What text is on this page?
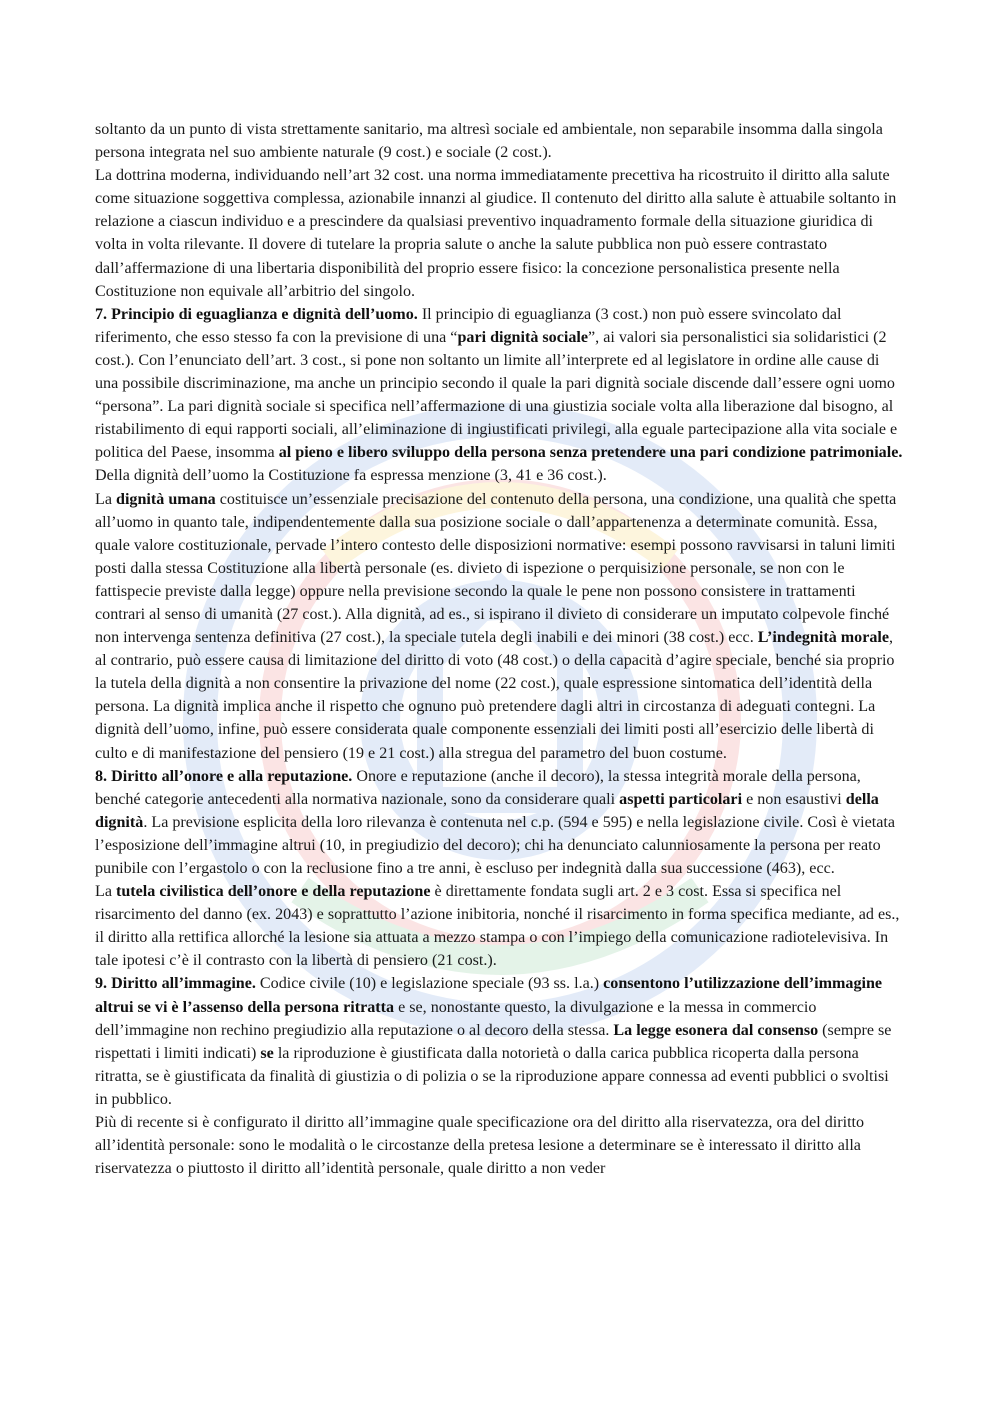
soltanto da un punto di vista strettamente sanitario, ma altresì sociale ed ambientale, non separabile insomma dalla singola persona integrata nel suo ambiente naturale (9 cost.) e sociale (2 cost.).

La dottrina moderna, individuando nell’art 32 cost. una norma immediatamente precettiva ha ricostruito il diritto alla salute come situazione soggettiva complessa, azionabile innanzi al giudice. Il contenuto del diritto alla salute è attuabile soltanto in relazione a ciascun individuo e a prescindere da qualsiasi preventivo inquadramento formale della situazione giuridica di volta in volta rilevante. Il dovere di tutelare la propria salute o anche la salute pubblica non può essere contrastato dall’affermazione di una libertaria disponibilità del proprio essere fisico: la concezione personalistica presente nella Costituzione non equivale all’arbitrio del singolo.

7. Principio di eguaglianza e dignità dell’uomo. Il principio di eguaglianza (3 cost.) non può essere svincolato dal riferimento, che esso stesso fa con la previsione di una “pari dignità sociale”, ai valori sia personalistici sia solidaristici (2 cost.). Con l’enunciato dell’art. 3 cost., si pone non soltanto un limite all’interprete ed al legislatore in ordine alle cause di una possibile discriminazione, ma anche un principio secondo il quale la pari dignità sociale discende dall’essere ogni uomo “persona”. La pari dignità sociale si specifica nell’affermazione di una giustizia sociale volta alla liberazione dal bisogno, al ristabilimento di equi rapporti sociali, all’eliminazione di ingiustificati privilegi, alla eguale partecipazione alla vita sociale e politica del Paese, insomma al pieno e libero sviluppo della persona senza pretendere una pari condizione patrimoniale. Della dignità dell’uomo la Costituzione fa espressa menzione (3, 41 e 36 cost.).

La dignità umana costituisce un’essenziale precisazione del contenuto della persona, una condizione, una qualità che spetta all’uomo in quanto tale, indipendentemente dalla sua posizione sociale o dall’appartenenza a determinate comunità. Essa, quale valore costituzionale, pervade l’intero contesto delle disposizioni normative: esempi possono ravvisarsi in taluni limiti posti dalla stessa Costituzione alla libertà personale (es. divieto di ispezione o perquisizione personale, se non con le fattispecie previste dalla legge) oppure nella previsione secondo la quale le pene non possono consistere in trattamenti contrari al senso di umanità (27 cost.). Alla dignità, ad es., si ispirano il divieto di considerare un imputato colpevole finché non intervenga sentenza definitiva (27 cost.), la speciale tutela degli inabili e dei minori (38 cost.) ecc. L’indegnità morale, al contrario, può essere causa di limitazione del diritto di voto (48 cost.) o della capacità d’agire speciale, benché sia proprio la tutela della dignità a non consentire la privazione del nome (22 cost.), quale espressione sintomatica dell’identità della persona. La dignità implica anche il rispetto che ognuno può pretendere dagli altri in circostanza di adeguati contegni. La dignità dell’uomo, infine, può essere considerata quale componente essenziali dei limiti posti all’esercizio delle libertà di culto e di manifestazione del pensiero (19 e 21 cost.) alla stregua del parametro del buon costume.

8. Diritto all’onore e alla reputazione. Onore e reputazione (anche il decoro), la stessa integrità morale della persona, benché categorie antecedenti alla normativa nazionale, sono da considerare quali aspetti particolari e non esaustivi della dignità. La previsione esplicita della loro rilevanza è contenuta nel c.p. (594 e 595) e nella legislazione civile. Così è vietata l’esposizione dell’immagine altrui (10, in pregiudizio del decoro); chi ha denunciato calunniosamente la persona per reato punibile con l’ergastolo o con la reclusione fino a tre anni, è escluso per indegnità dalla sua successione (463), ecc.

La tutela civilistica dell’onore e della reputazione è direttamente fondata sugli art. 2 e 3 cost. Essa si specifica nel risarcimento del danno (ex. 2043) e soprattutto l’azione inibitoria, nonché il risarcimento in forma specifica mediante, ad es., il diritto alla rettifica allorché la lesione sia attuata a mezzo stampa o con l’impiego della comunicazione radiotelevisiva. In tale ipotesi c’è il contrasto con la libertà di pensiero (21 cost.).

9. Diritto all’immagine. Codice civile (10) e legislazione speciale (93 ss. l.a.) consentono l’utilizzazione dell’immagine altrui se vi è l’assenso della persona ritratta e se, nonostante questo, la divulgazione e la messa in commercio dell’immagine non rechino pregiudizio alla reputazione o al decoro della stessa. La legge esonera dal consenso (sempre se rispettati i limiti indicati) se la riproduzione è giustificata dalla notorietà o dalla carica pubblica ricoperta dalla persona ritratta, se è giustificata da finalità di giustizia o di polizia o se la riproduzione appare connessa ad eventi pubblici o svoltisi in pubblico.

Più di recente si è configurato il diritto all’immagine quale specificazione ora del diritto alla riservatezza, ora del diritto all’identità personale: sono le modalità o le circostanze della pretesa lesione a determinare se è interessato il diritto alla riservatezza o piuttosto il diritto all’identità personale, quale diritto a non veder
